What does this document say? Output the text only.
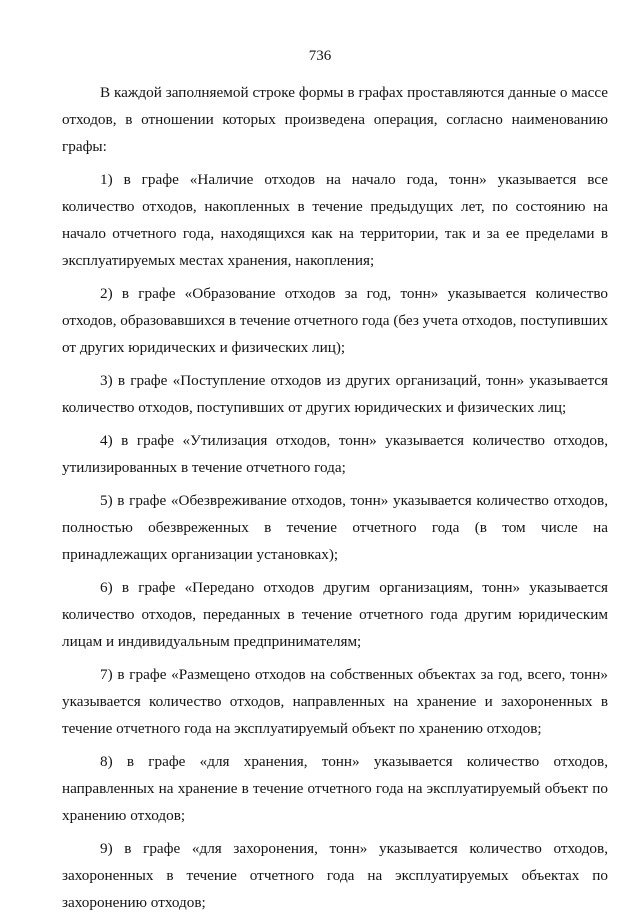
736

В каждой заполняемой строке формы в графах проставляются данные о массе отходов, в отношении которых произведена операция, согласно наименованию графы:

1) в графе «Наличие отходов на начало года, тонн» указывается все количество отходов, накопленных в течение предыдущих лет, по состоянию на начало отчетного года, находящихся как на территории, так и за ее пределами в эксплуатируемых местах хранения, накопления;

2) в графе «Образование отходов за год, тонн» указывается количество отходов, образовавшихся в течение отчетного года (без учета отходов, поступивших от других юридических и физических лиц);

3) в графе «Поступление отходов из других организаций, тонн» указывается количество отходов, поступивших от других юридических и физических лиц;

4) в графе «Утилизация отходов, тонн» указывается количество отходов, утилизированных в течение отчетного года;

5) в графе «Обезвреживание отходов, тонн» указывается количество отходов, полностью обезвреженных в течение отчетного года (в том числе на принадлежащих организации установках);

6) в графе «Передано отходов другим организациям, тонн» указывается количество отходов, переданных в течение отчетного года другим юридическим лицам и индивидуальным предпринимателям;

7) в графе «Размещено отходов на собственных объектах за год, всего, тонн» указывается количество отходов, направленных на хранение и захороненных в течение отчетного года на эксплуатируемый объект по хранению отходов;

8) в графе «для хранения, тонн» указывается количество отходов, направленных на хранение в течение отчетного года на эксплуатируемый объект по хранению отходов;

9) в графе «для захоронения, тонн» указывается количество отходов, захороненных в течение отчетного года на эксплуатируемых объектах по захоронению отходов;
